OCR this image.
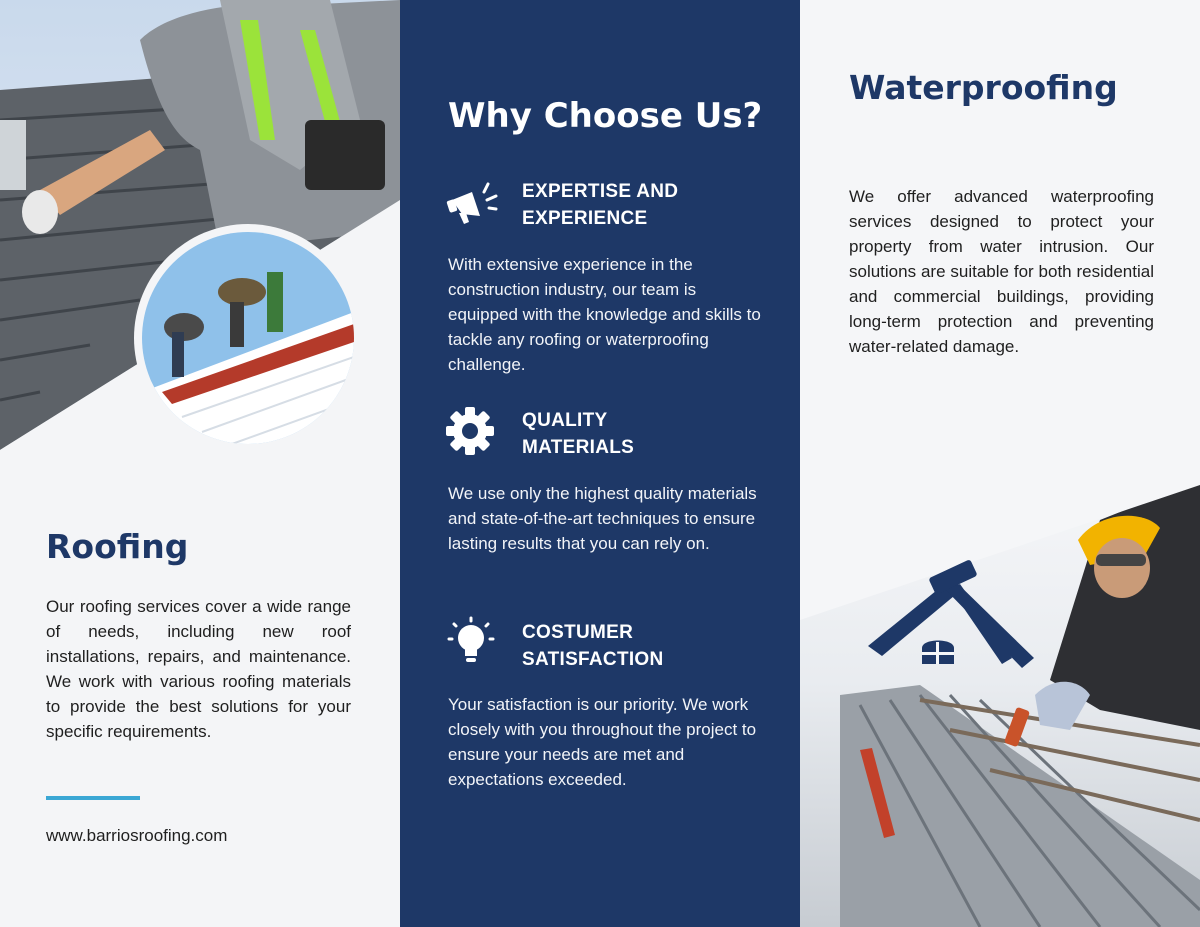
Roofing

Our roofing services cover a wide range of needs, including new roof installations, repairs, and maintenance. We work with various roofing materials to provide the best solutions for your specific requirements.

www.barriosroofing.com

Why Choose Us?

EXPERTISE AND
EXPERIENCE

With extensive experience in the construction industry, our team is equipped with the knowledge and skills to tackle any roofing or waterproofing challenge.

QUALITY
MATERIALS

We use only the highest quality materials and state-of-the-art techniques to ensure lasting results that you can rely on.

COSTUMER
SATISFACTION

Your satisfaction is our priority. We work closely with you throughout the project to ensure your needs are met and expectations exceeded.

Waterproofing

We offer advanced waterproofing services designed to protect your property from water intrusion. Our solutions are suitable for both residential and commercial buildings, providing long-term protection and preventing water-related damage.
